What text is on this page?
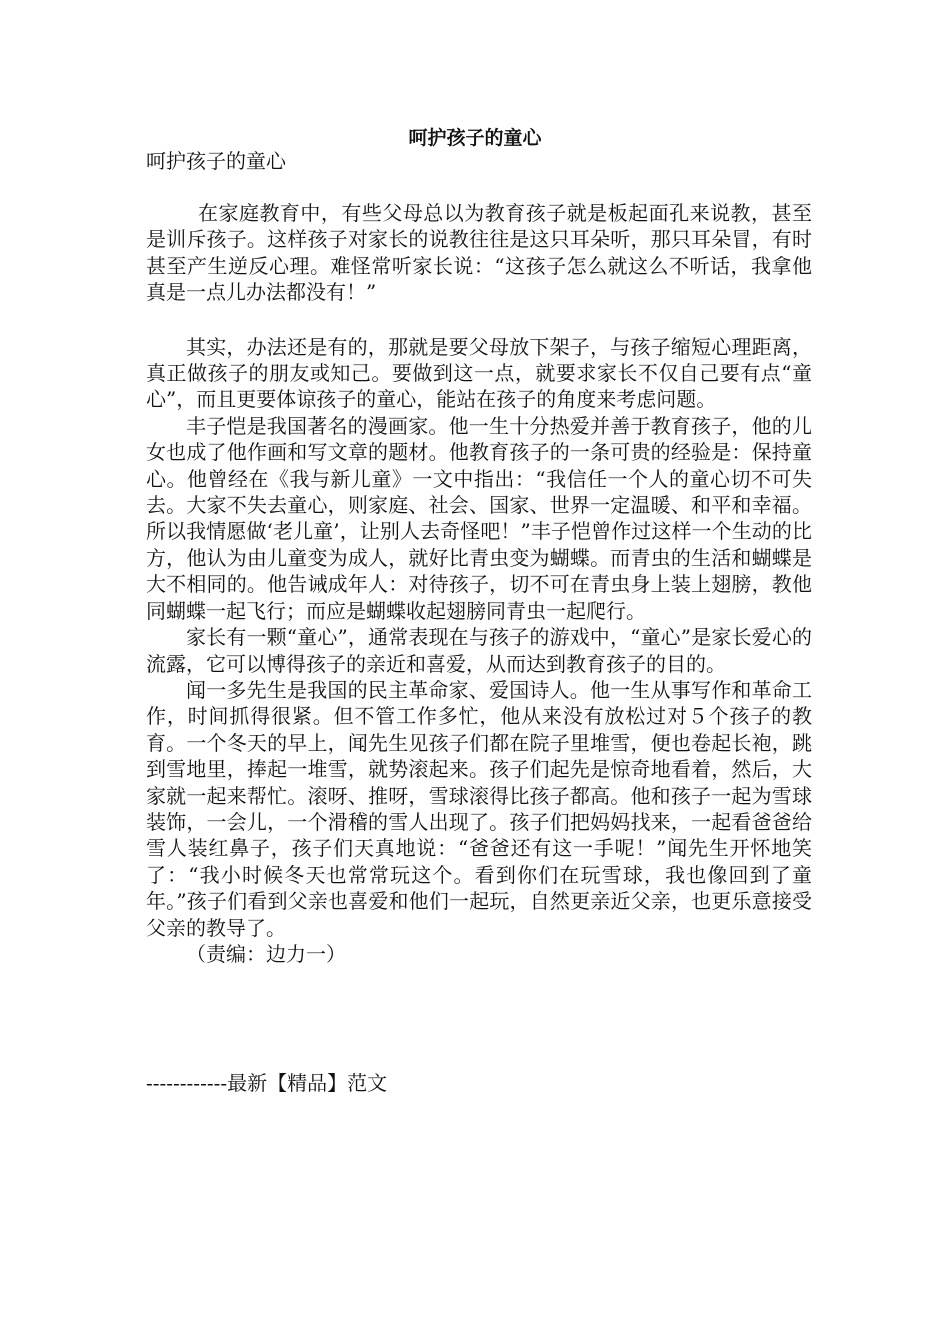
呵护孩子的童心
呵护孩子的童心

在家庭教育中，有些父母总以为教育孩子就是板起面孔来说教，甚至是训斥孩子。这样孩子对家长的说教往往是这只耳朵听，那只耳朵冒，有时甚至产生逆反心理。难怪常听家长说：“这孩子怎么就这么不听话，我拿他真是一点儿办法都没有！”

其实，办法还是有的，那就是要父母放下架子，与孩子缩短心理距离，真正做孩子的朋友或知己。要做到这一点，就要求家长不仅自己要有点“童心”，而且更要体谅孩子的童心，能站在孩子的角度来考虑问题。

丰子恺是我国著名的漫画家。他一生十分热爱并善于教育孩子，他的儿女也成了他作画和写文章的题材。他教育孩子的一条可贵的经验是：保持童心。他曾经在《我与新儿童》一文中指出：“我信任一个人的童心切不可失去。大家不失去童心，则家庭、社会、国家、世界一定温暖、和平和幸福。所以我情愿做‘老儿童’，让别人去奇怪吧！”丰子恺曾作过这样一个生动的比方，他认为由儿童变为成人，就好比青虫变为蝴蝶。而青虫的生活和蝴蝶是大不相同的。他告诫成年人：对待孩子，切不可在青虫身上装上翅膀，教他同蝴蝶一起飞行；而应是蝴蝶收起翅膀同青虫一起爬行。

家长有一颗“童心”，通常表现在与孩子的游戏中，“童心”是家长爱心的流露，它可以博得孩子的亲近和喜爱，从而达到教育孩子的目的。

闻一多先生是我国的民主革命家、爱国诗人。他一生从事写作和革命工作，时间抓得很紧。但不管工作多忙，他从来没有放松过对５个孩子的教育。一个冬天的早上，闻先生见孩子们都在院子里堆雪，便也卷起长袍，跳到雪地里，捧起一堆雪，就势滚起来。孩子们起先是惊奇地看着，然后，大家就一起来帮忙。滚呀、推呀，雪球滚得比孩子都高。他和孩子一起为雪球装饰，一会儿，一个滑稽的雪人出现了。孩子们把妈妈找来，一起看爸爸给雪人装红鼻子，孩子们天真地说：“爸爸还有这一手呢！”闻先生开怀地笑了：“我小时候冬天也常常玩这个。看到你们在玩雪球，我也像回到了童年。”孩子们看到父亲也喜爱和他们一起玩，自然更亲近父亲，也更乐意接受父亲的教导了。

（责编：边力一）

------------最新【精品】范文
